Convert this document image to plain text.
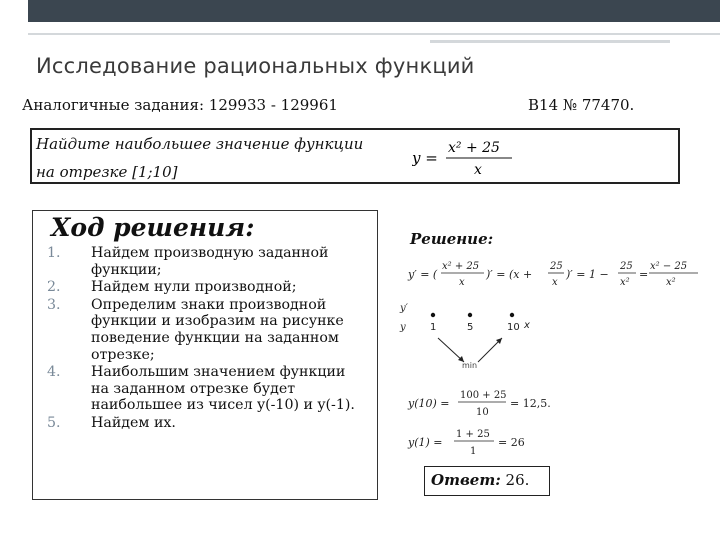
Исследование рациональных функций
Аналогичные задания: 129933 - 129961	B14 № 77470.
Найдите наибольшее значение функции
на отрезке [1;10]
y =
x² + 25
x
Ход решения:
1. Найдем производную заданной функции;
2. Найдем нули производной;
3. Определим знаки производной функции и изобразим на рисунке поведение функции на заданном отрезке;
4. Наибольшим значением функции на заданном отрезке будет наибольшее из чисел y(-10) и y(-1).
5. Найдем их.
Решение:
y′ = (
x² + 25
x
)′ = (x +
25
x
)′ = 1 −
25
x²
=
x² − 25
x²
y′
y 1	5	10 x
min
y(10) =
100 + 25
10
= 12,5.
y(1) =
1 + 25
1
= 26
Ответ: 26.
